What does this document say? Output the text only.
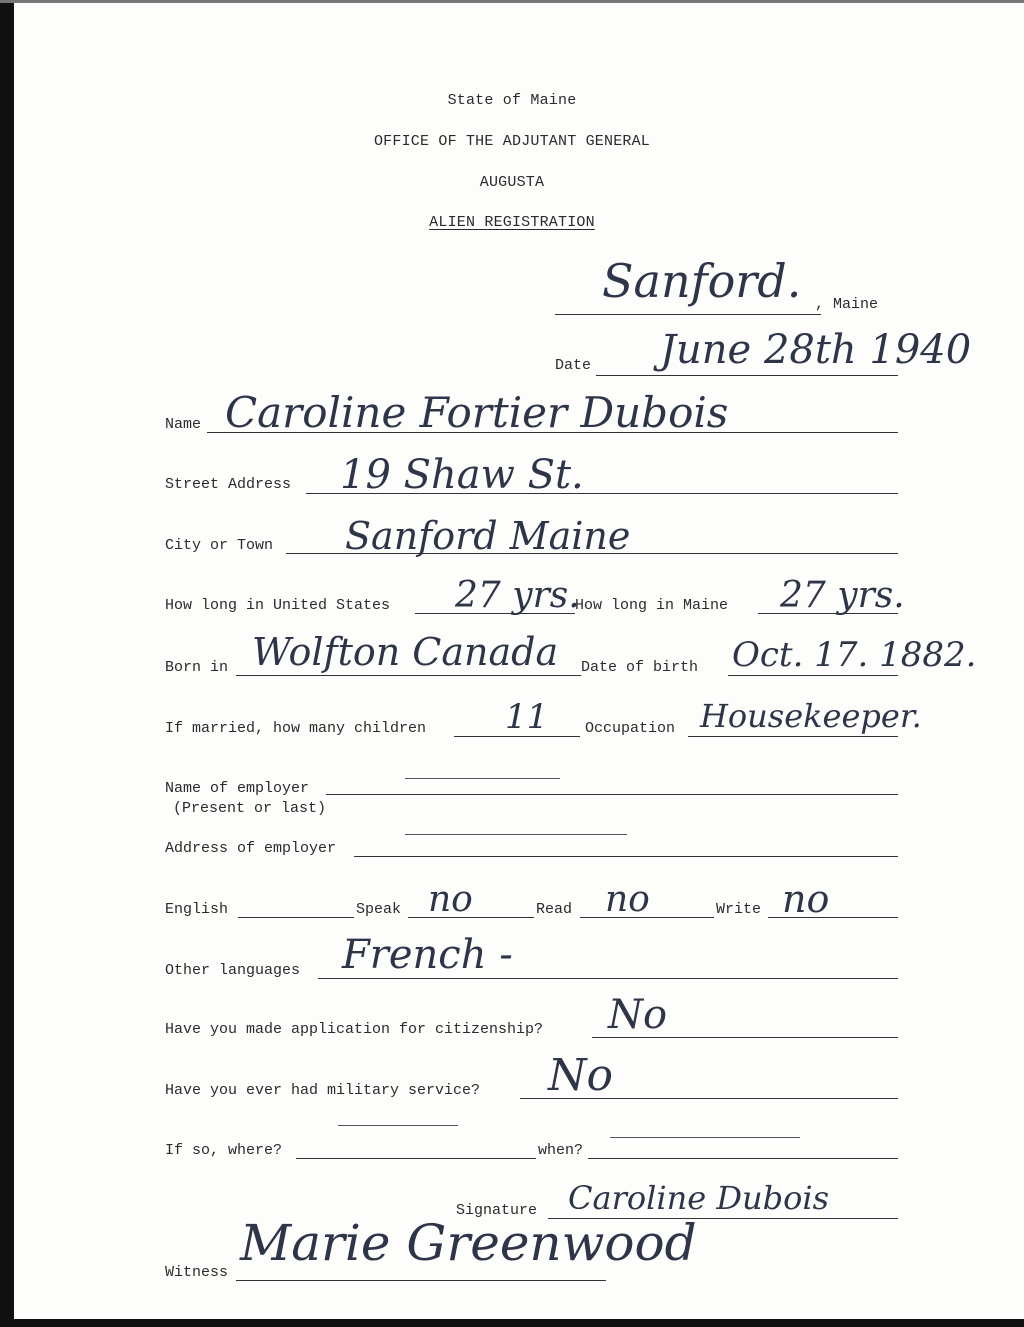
State of Maine
OFFICE OF THE ADJUTANT GENERAL
AUGUSTA
ALIEN REGISTRATION
Sanford. , Maine
Date June 28th 1940
Name Caroline Fortier Dubois
Street Address 19 Shaw St.
City or Town Sanford Maine
How long in United States 27 yrs.
How long in Maine 27 yrs.
Born in Wolfton Canada Date of birth Oct. 17. 1882.
If married, how many children 11 Occupation Housekeeper.
Name of employer
(Present or last)
Address of employer
English	Speak no	Read no	Write no
Other languages French -
Have you made application for citizenship? No
Have you ever had military service? No
If so, where?	when?
Signature Caroline Dubois
Witness
Marie Greenwood
